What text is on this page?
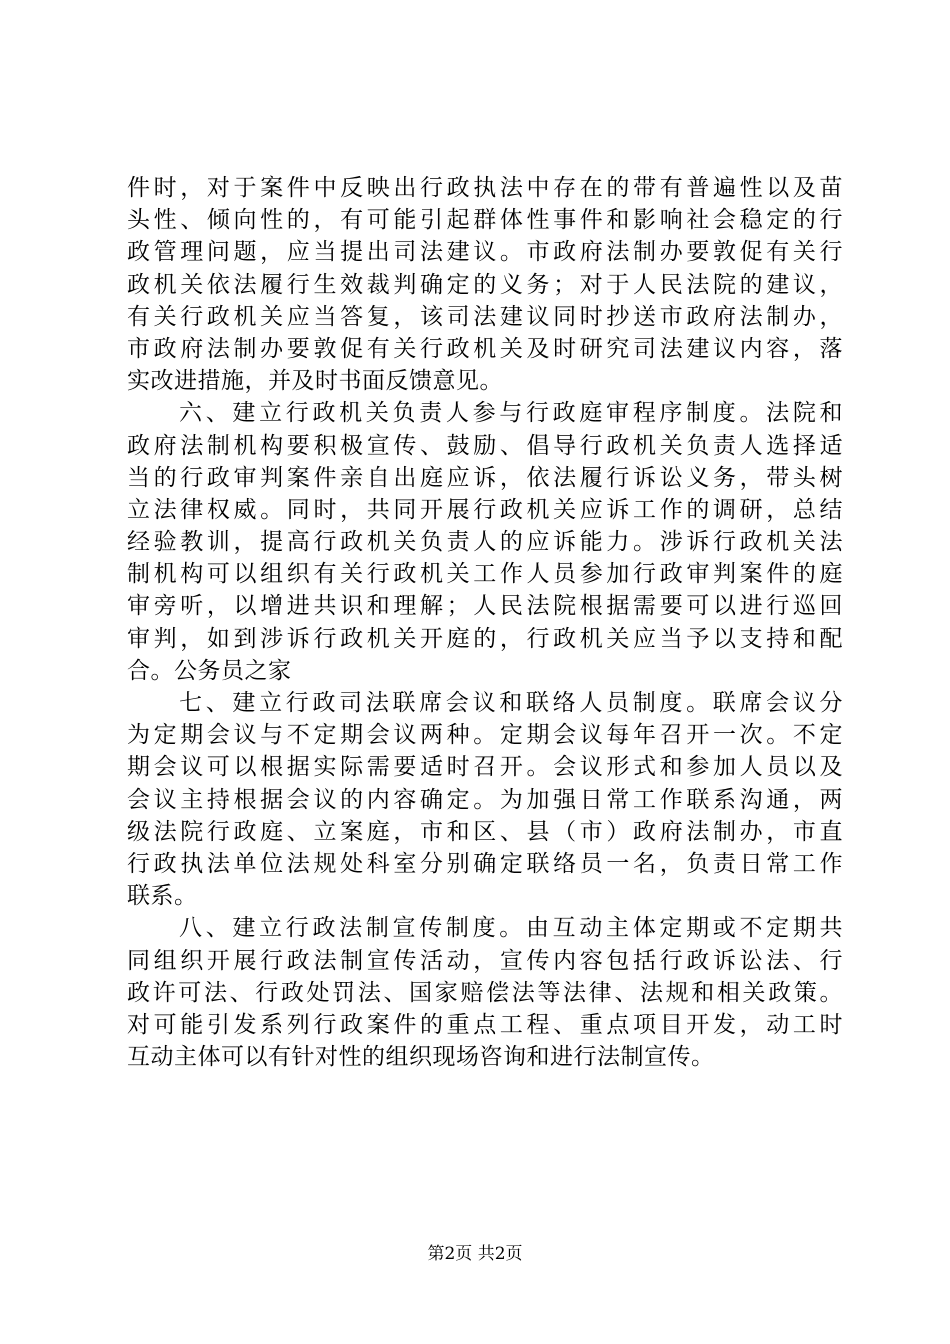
件时，对于案件中反映出行政执法中存在的带有普遍性以及苗
头性、倾向性的，有可能引起群体性事件和影响社会稳定的行
政管理问题，应当提出司法建议。市政府法制办要敦促有关行
政机关依法履行生效裁判确定的义务；对于人民法院的建议，
有关行政机关应当答复，该司法建议同时抄送市政府法制办，
市政府法制办要敦促有关行政机关及时研究司法建议内容，落
实改进措施，并及时书面反馈意见。
六、建立行政机关负责人参与行政庭审程序制度。法院和
政府法制机构要积极宣传、鼓励、倡导行政机关负责人选择适
当的行政审判案件亲自出庭应诉，依法履行诉讼义务，带头树
立法律权威。同时，共同开展行政机关应诉工作的调研，总结
经验教训，提高行政机关负责人的应诉能力。涉诉行政机关法
制机构可以组织有关行政机关工作人员参加行政审判案件的庭
审旁听，以增进共识和理解；人民法院根据需要可以进行巡回
审判，如到涉诉行政机关开庭的，行政机关应当予以支持和配
合。公务员之家
七、建立行政司法联席会议和联络人员制度。联席会议分
为定期会议与不定期会议两种。定期会议每年召开一次。不定
期会议可以根据实际需要适时召开。会议形式和参加人员以及
会议主持根据会议的内容确定。为加强日常工作联系沟通，两
级法院行政庭、立案庭，市和区、县（市）政府法制办，市直
行政执法单位法规处科室分别确定联络员一名，负责日常工作
联系。
八、建立行政法制宣传制度。由互动主体定期或不定期共
同组织开展行政法制宣传活动，宣传内容包括行政诉讼法、行
政许可法、行政处罚法、国家赔偿法等法律、法规和相关政策。
对可能引发系列行政案件的重点工程、重点项目开发，动工时
互动主体可以有针对性的组织现场咨询和进行法制宣传。
第2页 共2页
